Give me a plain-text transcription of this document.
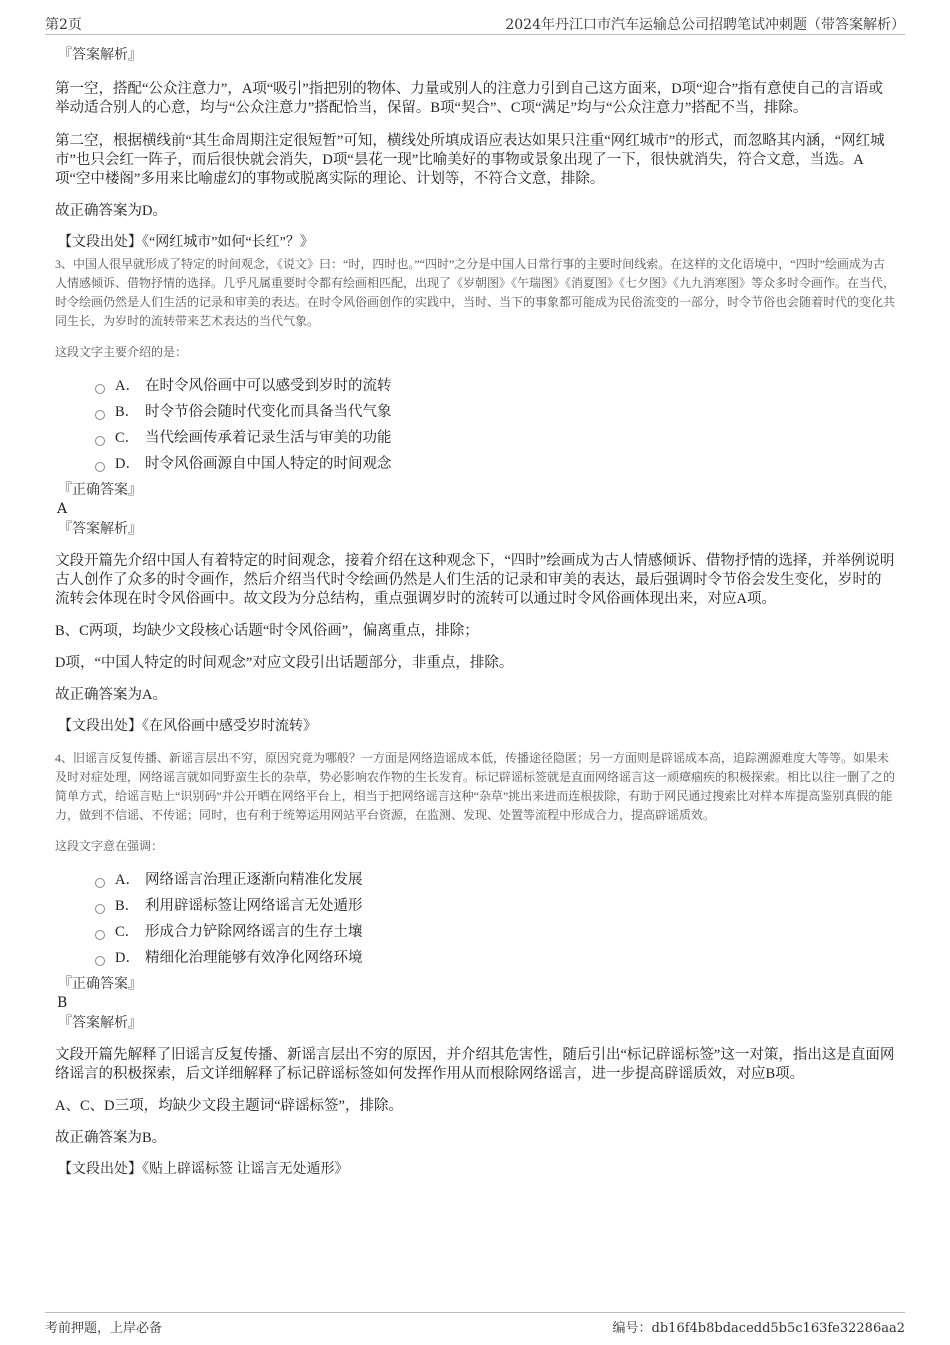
第2页	2024年丹江口市汽车运输总公司招聘笔试冲刺题（带答案解析）
『答案解析』

第一空，搭配“公众注意力”，A项“吸引”指把别的物体、力量或别人的注意力引到自己这方面来，D项“迎合”指有意使自己的言语或举动适合别人的心意，均与“公众注意力”搭配恰当，保留。B项“契合”、C项“满足”均与“公众注意力”搭配不当，排除。

第二空，根据横线前“其生命周期注定很短暂”可知，横线处所填成语应表达如果只注重“网红城市”的形式，而忽略其内涵，“网红城市”也只会红一阵子，而后很快就会消失，D项“昙花一现”比喻美好的事物或景象出现了一下，很快就消失，符合文意，当选。A项“空中楼阁”多用来比喻虚幻的事物或脱离实际的理论、计划等，不符合文意，排除。

故正确答案为D。

【文段出处】《“网红城市”如何“长红”？》

3、中国人很早就形成了特定的时间观念，《说文》曰：“时，四时也。”“四时”之分是中国人日常行事的主要时间线索。在这样的文化语境中，“四时”绘画成为古人情感倾诉、借物抒情的选择。几乎凡属重要时令都有绘画相匹配，出现了《岁朝图》《午瑞图》《消夏图》《七夕图》《九九消寒图》等众多时令画作。在当代，时令绘画仍然是人们生活的记录和审美的表达。在时令风俗画创作的实践中，当时、当下的事象都可能成为民俗流变的一部分，时令节俗也会随着时代的变化共同生长，为岁时的流转带来艺术表达的当代气象。

这段文字主要介绍的是：

A． 在时令风俗画中可以感受到岁时的流转
B． 时令节俗会随时代变化而具备当代气象
C． 当代绘画传承着记录生活与审美的功能
D． 时令风俗画源自中国人特定的时间观念
『正确答案』
A
『答案解析』

文段开篇先介绍中国人有着特定的时间观念，接着介绍在这种观念下，“四时”绘画成为古人情感倾诉、借物抒情的选择，并举例说明古人创作了众多的时令画作，然后介绍当代时令绘画仍然是人们生活的记录和审美的表达，最后强调时令节俗会发生变化，岁时的流转会体现在时令风俗画中。故文段为分总结构，重点强调岁时的流转可以通过时令风俗画体现出来，对应A项。

B、C两项，均缺少文段核心话题“时令风俗画”，偏离重点，排除；

D项，“中国人特定的时间观念”对应文段引出话题部分，非重点，排除。

故正确答案为A。

【文段出处】《在风俗画中感受岁时流转》

4、旧谣言反复传播、新谣言层出不穷，原因究竟为哪般？一方面是网络造谣成本低，传播途径隐匿；另一方面则是辟谣成本高，追踪溯源难度大等等。如果未及时对症处理，网络谣言就如同野蛮生长的杂草，势必影响农作物的生长发育。标记辟谣标签就是直面网络谣言这一顽瘴痼疾的积极探索。相比以往一删了之的简单方式，给谣言贴上“识别码”并公开晒在网络平台上，相当于把网络谣言这种“杂草”挑出来进而连根拔除，有助于网民通过搜索比对样本库提高鉴别真假的能力，做到不信谣、不传谣；同时，也有利于统筹运用网站平台资源，在监测、发现、处置等流程中形成合力，提高辟谣质效。

这段文字意在强调：

A． 网络谣言治理正逐渐向精准化发展
B． 利用辟谣标签让网络谣言无处遁形
C． 形成合力铲除网络谣言的生存土壤
D． 精细化治理能够有效净化网络环境
『正确答案』
B
『答案解析』

文段开篇先解释了旧谣言反复传播、新谣言层出不穷的原因，并介绍其危害性，随后引出“标记辟谣标签”这一对策，指出这是直面网络谣言的积极探索，后文详细解释了标记辟谣标签如何发挥作用从而根除网络谣言，进一步提高辟谣质效，对应B项。

A、C、D三项，均缺少文段主题词“辟谣标签”，排除。

故正确答案为B。

【文段出处】《贴上辟谣标签 让谣言无处遁形》

考前押题，上岸必备	编号：db16f4b8bdacedd5b5c163fe32286aa2
